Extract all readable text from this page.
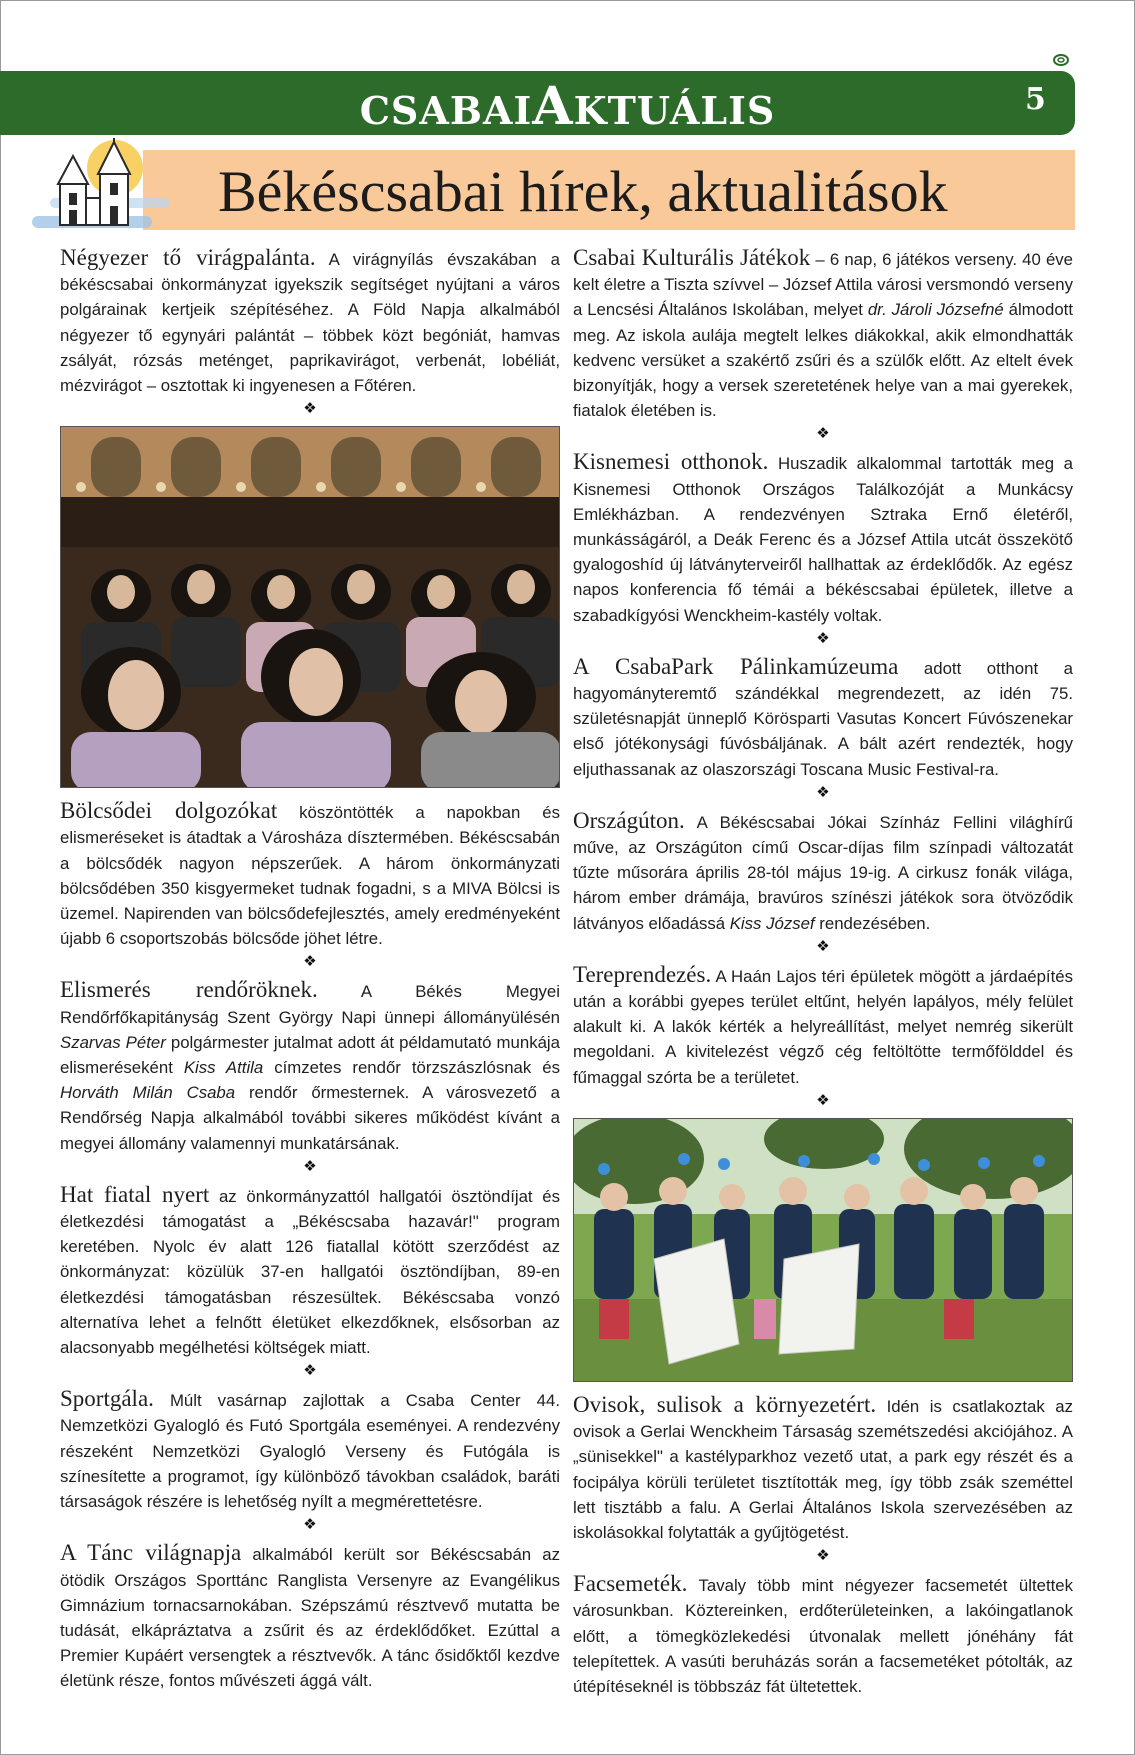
CSABAIAKTUÁLIS	5
Békéscsabai hírek, aktualitások

Négyezer tő virágpalánta. A virágnyílás évszakában a békéscsabai önkormányzat igyekszik segítséget nyújtani a város polgárainak kertjeik szépítéséhez. A Föld Napja alkalmából négyezer tő egynyári palántát – többek közt begóniát, hamvas zsályát, rózsás meténget, paprikavirágot, verbenát, lobéliát, mézvirágot – osztottak ki ingyenesen a Főtéren.

❖

Bölcsődei dolgozókat köszöntötték a napokban és elismeréseket is átadtak a Városháza dísztermében. Békéscsabán a bölcsődék nagyon népszerűek. A három önkormányzati bölcsődében 350 kisgyermeket tudnak fogadni, s a MIVA Bölcsi is üzemel. Napirenden van bölcsődefejlesztés, amely eredményeként újabb 6 csoportszobás bölcsőde jöhet létre.

❖

Elismerés rendőröknek. A Békés Megyei Rendőrfőkapitányság Szent György Napi ünnepi állományülésén Szarvas Péter polgármester jutalmat adott át példamutató munkája elismeréseként Kiss Attila címzetes rendőr törzszászlósnak és Horváth Milán Csaba rendőr őrmesternek. A városvezető a Rendőrség Napja alkalmából további sikeres működést kívánt a megyei állomány valamennyi munkatársának.

❖

Hat fiatal nyert az önkormányzattól hallgatói ösztöndíjat és életkezdési támogatást a „Békéscsaba hazavár!" program keretében. Nyolc év alatt 126 fiatallal kötött szerződést az önkormányzat: közülük 37-en hallgatói ösztöndíjban, 89-en életkezdési támogatásban részesültek. Békéscsaba vonzó alternatíva lehet a felnőtt életüket elkezdőknek, elsősorban az alacsonyabb megélhetési költségek miatt.

❖

Sportgála. Múlt vasárnap zajlottak a Csaba Center 44. Nemzetközi Gyalogló és Futó Sportgála eseményei. A rendezvény részeként Nemzetközi Gyalogló Verseny és Futógála is színesítette a programot, így különböző távokban családok, baráti társaságok részére is lehetőség nyílt a megmérettetésre.

❖

A Tánc világnapja alkalmából került sor Békéscsabán az ötödik Országos Sporttánc Ranglista Versenyre az Evangélikus Gimnázium tornacsarnokában. Szépszámú résztvevő mutatta be tudását, elkápráztatva a zsűrit és az érdeklődőket. Ezúttal a Premier Kupáért versengtek a résztvevők. A tánc ősidőktől kezdve életünk része, fontos művészeti ággá vált.

Csabai Kulturális Játékok – 6 nap, 6 játékos verseny. 40 éve kelt életre a Tiszta szívvel – József Attila városi versmondó verseny a Lencsési Általános Iskolában, melyet dr. Jároli Józsefné álmodott meg. Az iskola aulája megtelt lelkes diákokkal, akik elmondhatták kedvenc versüket a szakértő zsűri és a szülők előtt. Az eltelt évek bizonyítják, hogy a versek szeretetének helye van a mai gyerekek, fiatalok életében is.

❖

Kisnemesi otthonok. Huszadik alkalommal tartották meg a Kisnemesi Otthonok Országos Találkozóját a Munkácsy Emlékházban. A rendezvényen Sztraka Ernő életéről, munkásságáról, a Deák Ferenc és a József Attila utcát összekötő gyalogoshíd új látványterveiről hallhattak az érdeklődők. Az egész napos konferencia fő témái a békéscsabai épületek, illetve a szabadkígyósi Wenckheim-kastély voltak.

❖

A CsabaPark Pálinkamúzeuma adott otthont a hagyományteremtő szándékkal megrendezett, az idén 75. születésnapját ünneplő Körösparti Vasutas Koncert Fúvószenekar első jótékonysági fúvósbáljának. A bált azért rendezték, hogy eljuthassanak az olaszországi Toscana Music Festival-ra.

❖

Országúton. A Békéscsabai Jókai Színház Fellini világhírű műve, az Országúton című Oscar-díjas film színpadi változatát tűzte műsorára április 28-tól május 19-ig. A cirkusz fonák világa, három ember drámája, bravúros színészi játékok sora ötvöződik látványos előadássá Kiss József rendezésében.

❖

Tereprendezés. A Haán Lajos téri épületek mögött a járdaépítés után a korábbi gyepes terület eltűnt, helyén lapályos, mély felület alakult ki. A lakók kérték a helyreállítást, melyet nemrég sikerült megoldani. A kivitelezést végző cég feltöltötte termőfölddel és fűmaggal szórta be a területet.

❖

Ovisok, sulisok a környezetért. Idén is csatlakoztak az ovisok a Gerlai Wenckheim Társaság szemétszedési akciójához. A „sünisekkel" a kastélyparkhoz vezető utat, a park egy részét és a focipálya körüli területet tisztították meg, így több zsák szeméttel lett tisztább a falu. A Gerlai Általános Iskola szervezésében az iskolásokkal folytatták a gyűjtögetést.

❖

Facsemeték. Tavaly több mint négyezer facsemetét ültettek városunkban. Köztereinken, erdőterületeinken, a lakóingatlanok előtt, a tömegközlekedési útvonalak mellett jónéhány fát telepítettek. A vasúti beruházás során a facsemetéket pótolták, az útépítéseknél is többszáz fát ültetettek.
